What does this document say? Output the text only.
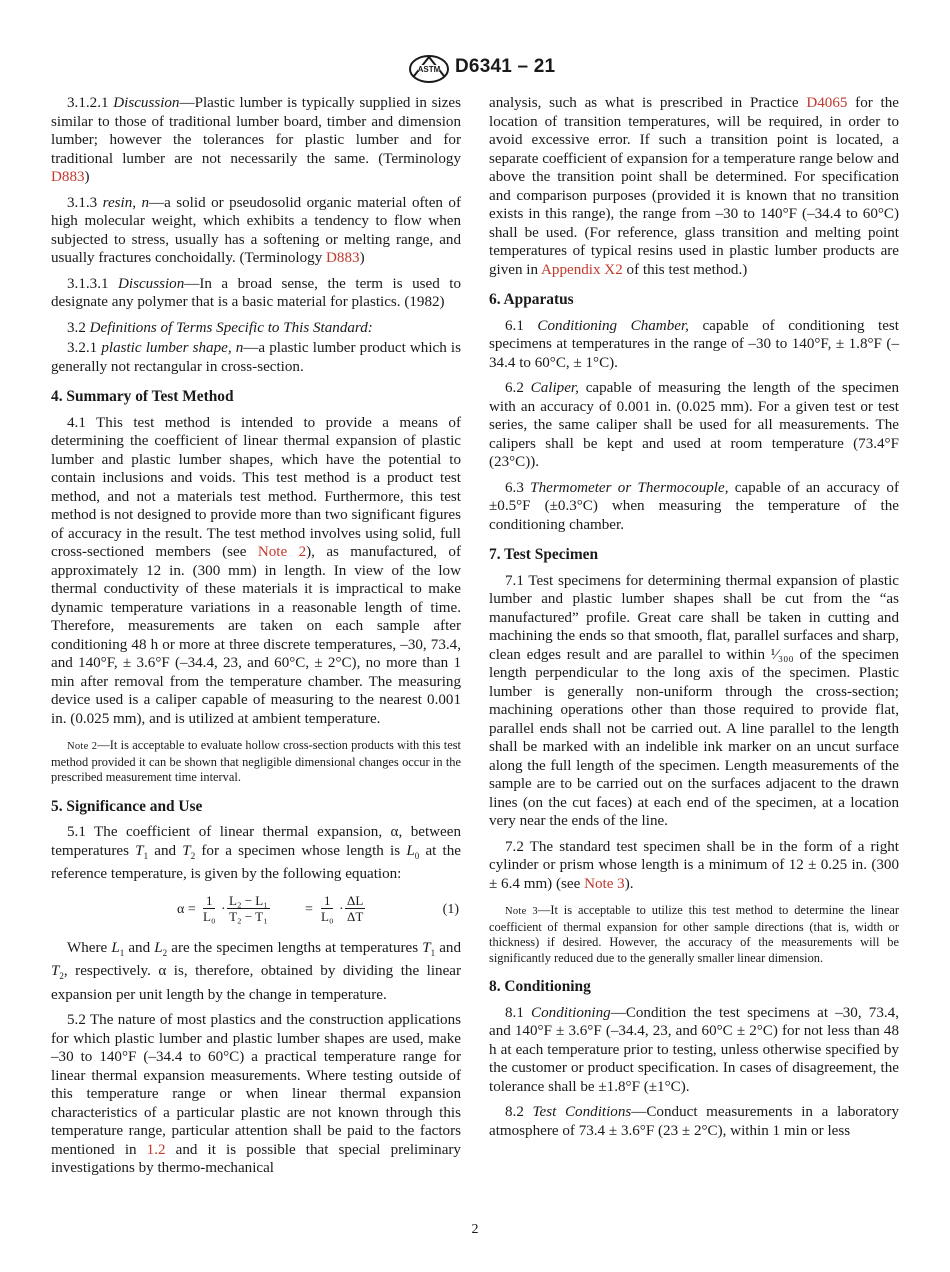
ASTM D6341 – 21

3.1.2.1 Discussion—Plastic lumber is typically supplied in sizes similar to those of traditional lumber board, timber and dimension lumber; however the tolerances for plastic lumber and for traditional lumber are not necessarily the same. (Terminology D883)

3.1.3 resin, n—a solid or pseudosolid organic material often of high molecular weight, which exhibits a tendency to flow when subjected to stress, usually has a softening or melting range, and usually fractures conchoidally. (Terminology D883)

3.1.3.1 Discussion—In a broad sense, the term is used to designate any polymer that is a basic material for plastics. (1982)

3.2 Definitions of Terms Specific to This Standard:

3.2.1 plastic lumber shape, n—a plastic lumber product which is generally not rectangular in cross-section.

4. Summary of Test Method

4.1 This test method is intended to provide a means of determining the coefficient of linear thermal expansion of plastic lumber and plastic lumber shapes, which have the potential to contain inclusions and voids. This test method is a product test method, and not a materials test method. Furthermore, this test method is not designed to provide more than two significant figures of accuracy in the result. The test method involves using solid, full cross-sectioned members (see Note 2), as manufactured, of approximately 12 in. (300 mm) in length. In view of the low thermal conductivity of these materials it is impractical to make dynamic temperature variations in a reasonable length of time. Therefore, measurements are taken on each sample after conditioning 48 h or more at three discrete temperatures, –30, 73.4, and 140°F, ± 3.6°F (–34.4, 23, and 60°C, ± 2°C), no more than 1 min after removal from the temperature chamber. The measuring device used is a caliper capable of measuring to the nearest 0.001 in. (0.025 mm), and is utilized at ambient temperature.

Note 2—It is acceptable to evaluate hollow cross-section products with this test method provided it can be shown that negligible dimensional changes occur in the prescribed measurement time interval.
5. Significance and Use

5.1 The coefficient of linear thermal expansion, α, between temperatures $T_1$ and $T_2$ for a specimen whose length is $L_0$ at the reference temperature, is given by the following equation:

$\alpha = \frac{1}{\text{L₀}} \cdot \frac{\text{L₂ − L₁}}{\text{T₂ − T₁}}$	= $\frac{1}{\text{L₀}} \cdot \frac{\Delta L}{\Delta T}$	(1)

Where $L_1$ and $L_2$ are the specimen lengths at temperatures $T_1$ and $T_2$, respectively. α is, therefore, obtained by dividing the linear expansion per unit length by the change in temperature.

5.2 The nature of most plastics and the construction applications for which plastic lumber and plastic lumber shapes are used, make –30 to 140°F (–34.4 to 60°C) a practical temperature range for linear thermal expansion measurements. Where testing outside of this temperature range or when linear thermal expansion characteristics of a particular plastic are not known through this temperature range, particular attention shall be paid to the factors mentioned in 1.2 and it is possible that special preliminary investigations by thermo-mechanical

analysis, such as what is prescribed in Practice D4065 for the location of transition temperatures, will be required, in order to avoid excessive error. If such a transition point is located, a separate coefficient of expansion for a temperature range below and above the transition point shall be determined. For specification and comparison purposes (provided it is known that no transition exists in this range), the range from –30 to 140°F (–34.4 to 60°C) shall be used. (For reference, glass transition and melting point temperatures of typical resins used in plastic lumber products are given in Appendix X2 of this test method.)

6. Apparatus

6.1 Conditioning Chamber, capable of conditioning test specimens at temperatures in the range of –30 to 140°F, ± 1.8°F (–34.4 to 60°C, ± 1°C).

6.2 Caliper, capable of measuring the length of the specimen with an accuracy of 0.001 in. (0.025 mm). For a given test or test series, the same caliper shall be used for all measurements. The calipers shall be kept and used at room temperature (73.4°F (23°C)).

6.3 Thermometer or Thermocouple, capable of an accuracy of ±0.5°F (±0.3°C) when measuring the temperature of the conditioning chamber.

7. Test Specimen

7.1 Test specimens for determining thermal expansion of plastic lumber and plastic lumber shapes shall be cut from the “as manufactured” profile. Great care shall be taken in cutting and machining the ends so that smooth, flat, parallel surfaces and sharp, clean edges result and are parallel to within ¹⁄₃₀₀ of the specimen length perpendicular to the long axis of the specimen. Plastic lumber is generally non-uniform through the cross-section; machining operations other than those required to provide flat, parallel ends shall not be carried out. A line parallel to the length shall be marked with an indelible ink marker on an uncut surface along the full length of the specimen. Length measurements of the sample are to be carried out on the surfaces adjacent to the drawn lines (on the cut faces) at each end of the specimen, at a location very near the ends of the line.

7.2 The standard test specimen shall be in the form of a right cylinder or prism whose length is a minimum of 12 ± 0.25 in. (300 ± 6.4 mm) (see Note 3).

Note 3—It is acceptable to utilize this test method to determine the linear coefficient of thermal expansion for other sample directions (that is, width or thickness) if desired. However, the accuracy of the measurements will be significantly reduced due to the generally smaller linear dimension.
8. Conditioning

8.1 Conditioning—Condition the test specimens at –30, 73.4, and 140°F ± 3.6°F (–34.4, 23, and 60°C ± 2°C) for not less than 48 h at each temperature prior to testing, unless otherwise specified by the customer or product specification. In cases of disagreement, the tolerance shall be ±1.8°F (±1°C).

8.2 Test Conditions—Conduct measurements in a laboratory atmosphere of 73.4 ± 3.6°F (23 ± 2°C), within 1 min or less

2
